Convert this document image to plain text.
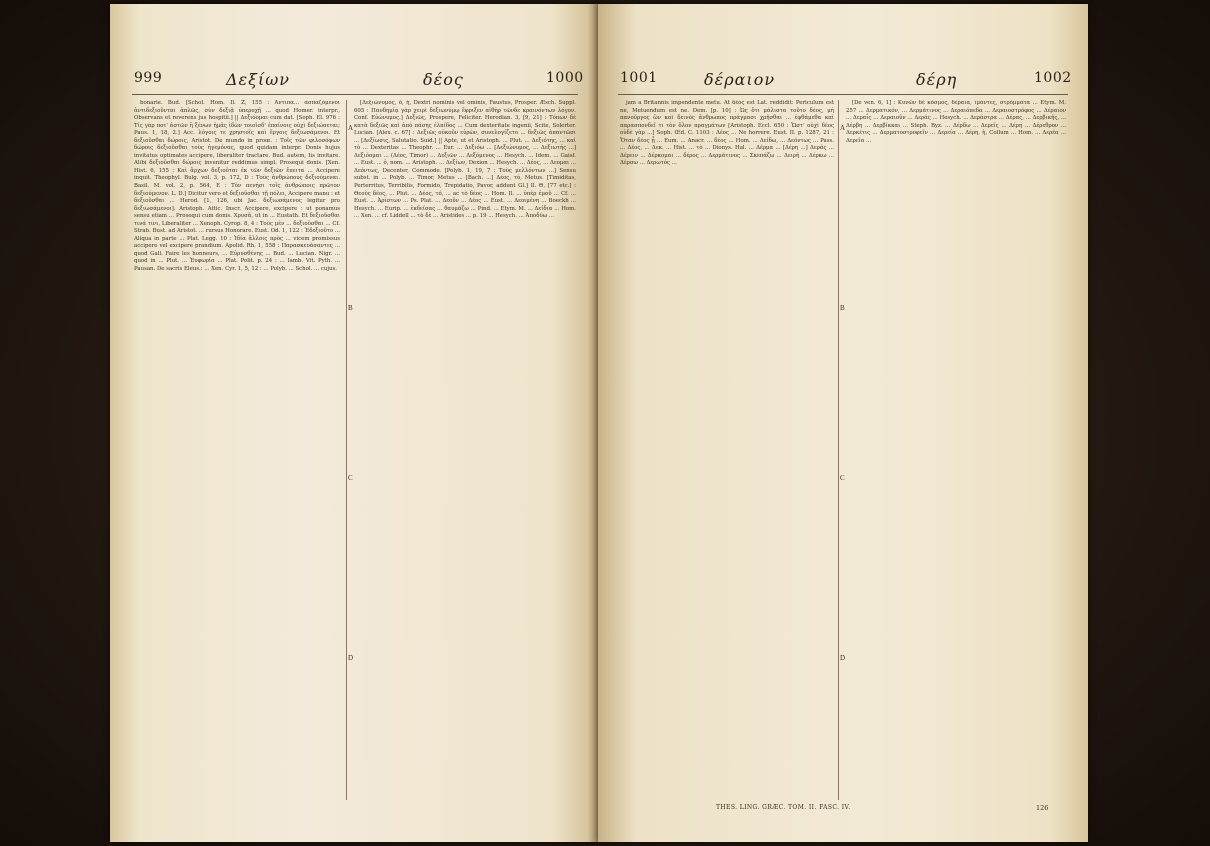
999	Δεξίων	δέος	1000

bonarie. Bud. [Schol. Hom. Il. Z, 155 : Ἀντιπα... ἀσπαζόμενοι ἀντιδεξιοῦνται ἁπλῶς, σὺν δεξιᾷ ὑπεροχῇ ... quod Homer. interpr., Observans et reverens jus hospitii.] || Δεξιόομαι cum dat. [Soph. El. 976 : Τίς γάρ ποτ' ἀστῶν ἢ ξένων ἡμᾶς ἰδὼν τοιοῖσδ' ἐπαίνοις οὐχὶ δεξιώσεται; Paus. 1, 18, 2.] Acc. λόγοις τε χρηστοῖς καὶ ἔργοις δεξιωσάμενοι. Et δεξιοῦσθαι δώροις, Aristot. De mundo in proœ. : Τοῖς τῶν φιλοσόφων δώροις δεξιοῦσθαι τοὺς ἡγεμόνας, quod quidam interpr. Donis hujus invitatus optimates accipere, liberaliter tractare. Bud. autem, Iis invitare. Alibi δεξιοῦσθαι δώροις invenitur reddimus simpl. Prosequi donis. [Xen. Hist. 6, 155 : Καὶ ἄρχων δεξιοῦται ἐκ τῶν δεξιῶν ἔπειτα ... Accipere inquit. Theophyl. Bulg. vol. 3, p. 172, D : Τοὺς ἀνθρώπους δεξιούμεναι. Basil. M. vol. 2, p. 564, E : Τὸν πενήσι τοῖς ἀνθρώποις πρῶτον δεξιούμενον. L. D.] Dicitur vero et δεξιοῦσθαι τῇ πόλει, Accipere manu : et δεξιοῦσθαι ... Herod. [1, 126, ubi Jac. δεξιωσάμενος legitur pro δεξιωσάμενοι]. Aristoph. Attic. Inscr. Accipere, excipere : ut ponamus sensu etiam ... Prosequi cum donis. Χρυσᾶ, ut in ... Eustath. Et δεξιοῦσθαι τινά τινι, Liberaliter ... Xenoph. Cyrop. 8, 4 : Τοὺς μὲν ... δεξιοῦσθαι ... Cf. Strab. Bust. ad Aristot. ... rursus Honorare. Eust. Od. 1, 122 : Ἐδεξιοῦτο ... Aliqua in parte ... Plat. Legg. 10 : Ἰδία ἄλλοις πρὸς ... vicem promissus accipere vel excipere prandium. Apolid. Rh. 1, 558 : Παρασκευάσαντες ... quod Gall. Faire les honneurs, ... Εὐρυσθένης ... Bud. ... Lucian. Nigr. ... quod in ... Plut. ... Ἐυφωρία ... Plat. Polit. p. 24 : ... Iamb. Vit. Pyth. ... Pausan. De sacris Eleus.: ... Xen. Cyr. 1, 5, 12 : ... Polyb. ... Schol. ... cujus.

[Δεξιώνυμος, ὁ, ἡ, Dextri nominis vel ominis, Faustus, Prosper. Æsch. Suppl. 605 : Πανδημίᾳ γὰρ χειρὶ δεξιωνύμῳ ἔφριξεν αἰθὴρ τῶνδε κραινόντων λόγον. Conf. Εὐώνυμος.] Δεξιῶς, Prospere, Feliciter. Herodian. 3, [9, 21] : Τόπων δὲ κατὰ δεξιῶς καὶ ἀπὸ πάσης ἐλπίδος ... Cum dexteritate ingenii, Scite, Solerter. Lucian. [Alex. c. 67] : Δεξιῶς οὐκοῦν εὑρὼν, συνελογίζετο ... δεξιῶς ἀπαντῶσι ... [Δεξίωσις, Salutatio. Suid.] || Apte, ut et Aristoph. ... Plut. ... Δεξιότης, ... καὶ τὸ ... Dexteritas ... Theophr. ... Eur. ... Δεξιόω ... [Δεξιώνυμος, ... Δεξιωτής ...] Δεξιόομαι ... (Δέος, Timor) ... Δεξιῶν ... Δεξόμενος ... Hesych. ... Idem. ... Gaisf. ... Eust. ... ὁ, nom. ... Aristoph. ... Δεξίων, Dexion ... Hesych. ... Δέος, ... Δεομαι ... Δεόντως, Decenter, Commode. [Polyb. 1, 19, 7 : Τοὺς μελλόντων ...] Sensu subst. in ... Polyb. ... Timor, Metus ... [Bach. ...] Δέος, τὸ, Metus. [Timiditas, Perterritus, Terribilis, Formido, Trepidatio, Pavor, addunt Gl.] Il. Θ, [77 etc.] : Θεοὺς δέος, ... Plut. ... Δέος, τό, ... ac τὸ δέος ... Hom. Il. ... ὑπὲρ ἐμοῦ ... Cf. ... Eust. ... Ἀρίστων ... Ps. Plat. ... Δεοῦν ... Δέος ... Eust. ... Δεοιμένη ... Boeckh ... Hesych. ... Eurip. ... ἐκδείσας ... θαυμάζω ... Pind. ... Etym. M. ... Δείδια ... Hom. ... Xen. ... cf. Liddell ... τὸ δὲ ... Aristides ... p. 19 ... Hesych. ... Ἀποδύω ...

A
B
C
D
1001	δέραιον	δέρη	1002

jam a Britannis impendente metu. At δέος est Lat. reddidit: Periculum est ne, Metuendum est ne. Dem. [p. 10] : Ὡς ὅτι μάλιστα τοῦτο δέος, μὴ πανοῦργος ὢν καὶ δεινὸς ἄνθρωπος πράγμασι χρῆσθαι ... ἐφθάμεθα καὶ παρασπονδεῖ τι τὸν ὅλον πραγμάτων [Aristoph. Eccl. 650 : Ὥστ' οὐχὶ δέος οὐδὲ γὰρ ...] Soph. Œd. C. 1103 : Δέος ... Ne horrere. Eust. II. p. 1287, 21 : Ὅταν δέος ᾖ ... Eum. ... Anacr. ... δέος ... Hom. ... Δείδω, ... Δεόντως ... Pass. ... Δέος, ... Δεκ. ... Hist. ... τὸ ... Dionys. Hal. ... Δέρμα ... [Δέρη ...] Δεράς ... Δέρειν ... Δέρκομαι ... δέρος ... Δερμάτινος ... Σκεπάζω ... Δειρή ... Δέρκω ... Δέρσω ... Δερωτός ...

[De ven. 6, 1] : Κυνῶν δὲ κόσμος, δέραια, ἱμάντες, στρόμματα ... Etym. M. 257 ... Δερματικόν, ... Δερμάτινος ... Δεραιόπεδα ... Δεραιοστρόφος ... Δέραιον ... Δεραΐς ... Δεραιοῦν ... Δεράς ... Hesych. ... Δεράστρα ... Δέρας, ... Δερβικῆς, ... Δέρβη ... Δερβίκκαι ... Steph. Byz. ... Δέρδω ... Δερεῖς ... Δέρη ... Δέρεθρον ... Δερκέτις ... Δερματοστροφεῖν ... Δερεία ... Δέρη, ἡ, Collum ... Hom. ... Δερέα ... Δερεῖα ...

A
B
C
D
THES. LING. GRÆC. TOM. II. FASC. IV.	126
